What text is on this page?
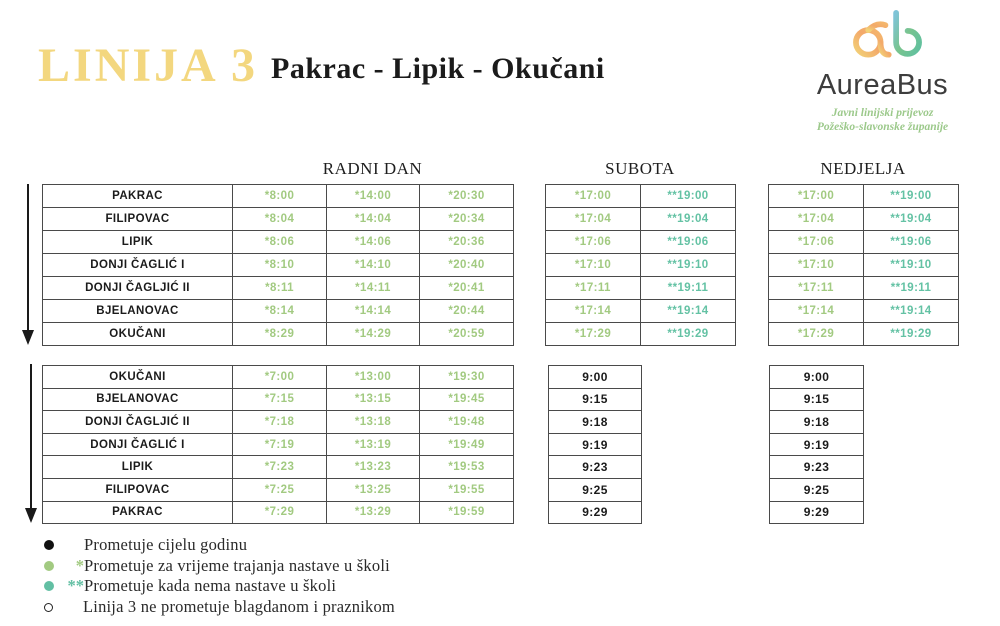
LINIJA 3 Pakrac - Lipik - Okučani	AureaBus
Javni linijski prijevoz
Požeško-slavonske županije
RADNI DAN	SUBOTA	NEDJELJA
PAKRAC	*8:00	*14:00	*20:30
FILIPOVAC	*8:04	*14:04	*20:34
LIPIK	*8:06	*14:06	*20:36
DONJI ČAGLIĆ I	*8:10	*14:10	*20:40
DONJI ČAGLJIĆ II	*8:11	*14:11	*20:41
BJELANOVAC	*8:14	*14:14	*20:44
OKUČANI	*8:29	*14:29	*20:59
*17:00	**19:00
*17:04	**19:04
*17:06	**19:06
*17:10	**19:10
*17:11	**19:11
*17:14	**19:14
*17:29	**19:29
*17:00	**19:00
*17:04	**19:04
*17:06	**19:06
*17:10	**19:10
*17:11	**19:11
*17:14	**19:14
*17:29	**19:29
OKUČANI	*7:00	*13:00	*19:30
BJELANOVAC	*7:15	*13:15	*19:45
DONJI ČAGLJIĆ II	*7:18	*13:18	*19:48
DONJI ČAGLIĆ I	*7:19	*13:19	*19:49
LIPIK	*7:23	*13:23	*19:53
FILIPOVAC	*7:25	*13:25	*19:55
PAKRAC	*7:29	*13:29	*19:59
9:00
9:15
9:18
9:19
9:23
9:25
9:29
9:00
9:15
9:18
9:19
9:23
9:25
9:29
Prometuje cijelu godinu
* Prometuje za vrijeme trajanja nastave u školi
** Prometuje kada nema nastave u školi
Linija 3 ne prometuje blagdanom i praznikom
